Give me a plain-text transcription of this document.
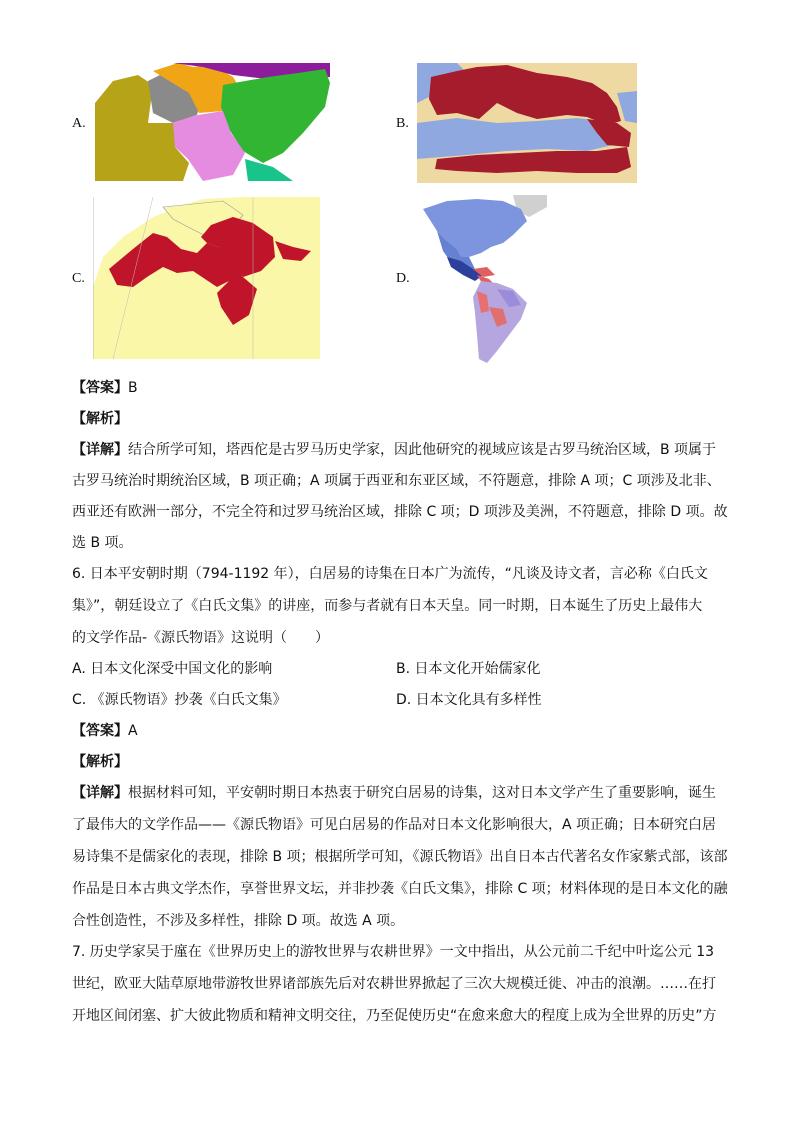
A.	B.
C.	D.
【答案】B
【解析】
【详解】结合所学可知，塔西佗是古罗马历史学家，因此他研究的视域应该是古罗马统治区域，B 项属于
古罗马统治时期统治区域，B 项正确；A 项属于西亚和东亚区域，不符题意，排除 A 项；C 项涉及北非、
西亚还有欧洲一部分，不完全符和过罗马统治区域，排除 C 项；D 项涉及美洲，不符题意，排除 D 项。故
选 B 项。
6. 日本平安朝时期（794-1192 年），白居易的诗集在日本广为流传，“凡谈及诗文者，言必称《白氏文
集》”，朝廷设立了《白氏文集》的讲座，而参与者就有日本天皇。同一时期，日本诞生了历史上最伟大
的文学作品-《源氏物语》这说明（　　）
A. 日本文化深受中国文化的影响	B. 日本文化开始儒家化
C. 《源氏物语》抄袭《白氏文集》	D. 日本文化具有多样性
【答案】A
【解析】
【详解】根据材料可知，平安朝时期日本热衷于研究白居易的诗集，这对日本文学产生了重要影响，诞生
了最伟大的文学作品——《源氏物语》可见白居易的作品对日本文化影响很大，A 项正确；日本研究白居
易诗集不是儒家化的表现，排除 B 项；根据所学可知，《源氏物语》出自日本古代著名女作家紫式部，该部
作品是日本古典文学杰作，享誉世界文坛，并非抄袭《白氏文集》，排除 C 项；材料体现的是日本文化的融
合性创造性，不涉及多样性，排除 D 项。故选 A 项。
7. 历史学家吴于廑在《世界历史上的游牧世界与农耕世界》一文中指出，从公元前二千纪中叶迄公元 13
世纪，欧亚大陆草原地带游牧世界诸部族先后对农耕世界掀起了三次大规模迁徙、冲击的浪潮。……在打
开地区间闭塞、扩大彼此物质和精神文明交往，乃至促使历史“在愈来愈大的程度上成为全世界的历史”方
